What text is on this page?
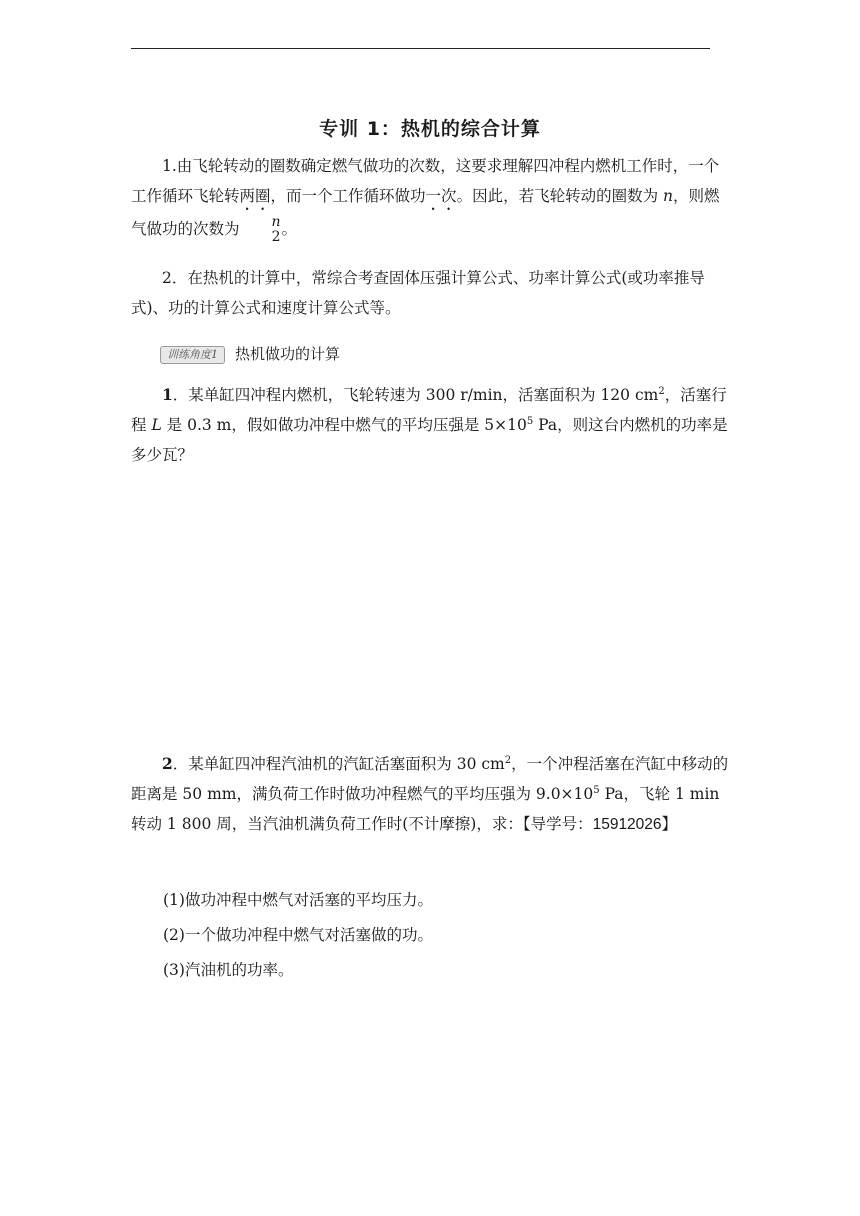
专训 1：热机的综合计算
1.由飞轮转动的圈数确定燃气做功的次数，这要求理解四冲程内燃机工作时，一个工作循环飞轮转两圈，而一个工作循环做功一次。因此，若飞轮转动的圈数为 n，则燃气做功的次数为	n
2 。
2．在热机的计算中，常综合考查固体压强计算公式、功率计算公式(或功率推导式)、功的计算公式和速度计算公式等。
训练角度1 热机做功的计算
1．某单缸四冲程内燃机，飞轮转速为 300 r/min，活塞面积为 120 $cm^2$，活塞行程 L 是 0.3 m，假如做功冲程中燃气的平均压强是 $5\times 10^5$ Pa，则这台内燃机的功率是多少瓦？
2．某单缸四冲程汽油机的汽缸活塞面积为 30 $cm^2$，一个冲程活塞在汽缸中移动的距离是 50 mm，满负荷工作时做功冲程燃气的平均压强为 $9.0\times 10^5$ Pa，飞轮 1 min 转动 1 800 周，当汽油机满负荷工作时(不计摩擦)，求：【导学号：15912026】
(1)做功冲程中燃气对活塞的平均压力。
(2)一个做功冲程中燃气对活塞做的功。
(3)汽油机的功率。
